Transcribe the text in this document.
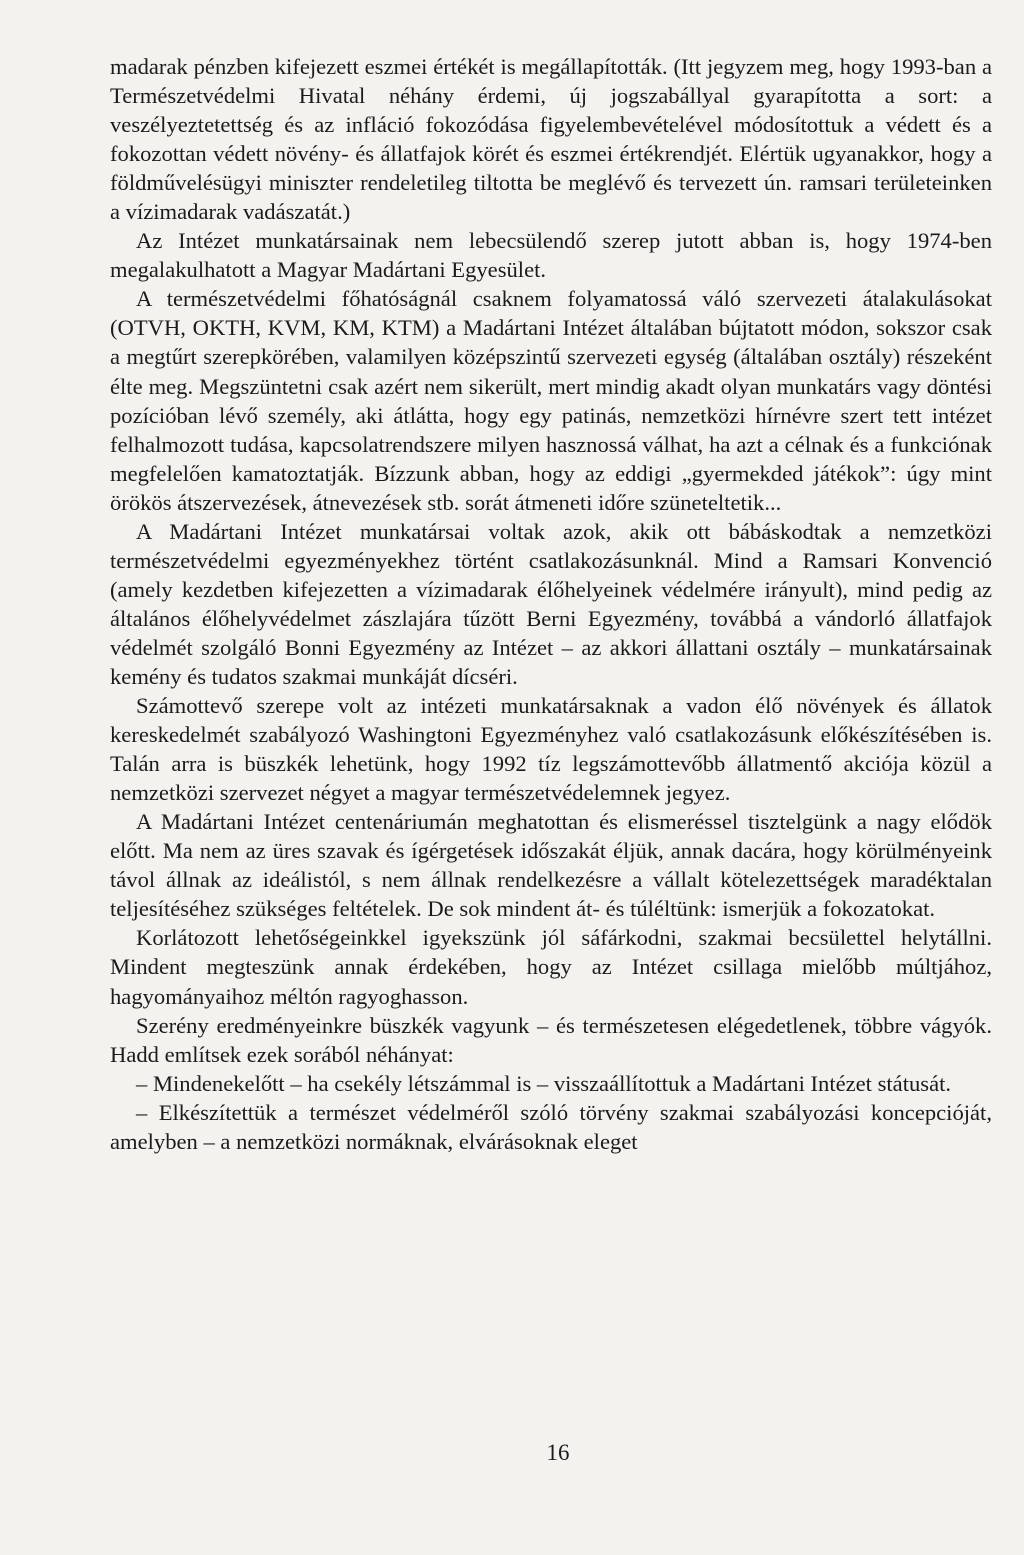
madarak pénzben kifejezett eszmei értékét is megállapították. (Itt jegyzem meg, hogy 1993-ban a Természetvédelmi Hivatal néhány érdemi, új jogszabállyal gyarapította a sort: a veszélyeztetettség és az infláció fokozódása figyelembevételével módosítottuk a védett és a fokozottan védett növény- és állatfajok körét és eszmei értékrendjét. Elértük ugyanakkor, hogy a földművelésügyi miniszter rendeletileg tiltotta be meglévő és tervezett ún. ramsari területeinken a vízimadarak vadászatát.)

Az Intézet munkatársainak nem lebecsülendő szerep jutott abban is, hogy 1974-ben megalakulhatott a Magyar Madártani Egyesület.

A természetvédelmi főhatóságnál csaknem folyamatossá váló szervezeti átalakulásokat (OTVH, OKTH, KVM, KM, KTM) a Madártani Intézet általában bújtatott módon, sokszor csak a megtűrt szerepkörében, valamilyen középszintű szervezeti egység (általában osztály) részeként élte meg. Megszüntetni csak azért nem sikerült, mert mindig akadt olyan munkatárs vagy döntési pozícióban lévő személy, aki átlátta, hogy egy patinás, nemzetközi hírnévre szert tett intézet felhalmozott tudása, kapcsolatrendszere milyen hasznossá válhat, ha azt a célnak és a funkciónak megfelelően kamatoztatják. Bízzunk abban, hogy az eddigi „gyermekded játékok”: úgy mint örökös átszervezések, átnevezések stb. sorát átmeneti időre szüneteltetik...

A Madártani Intézet munkatársai voltak azok, akik ott bábáskodtak a nemzetközi természetvédelmi egyezményekhez történt csatlakozásunknál. Mind a Ramsari Konvenció (amely kezdetben kifejezetten a vízimadarak élőhelyeinek védelmére irányult), mind pedig az általános élőhelyvédelmet zászlajára tűzött Berni Egyezmény, továbbá a vándorló állatfajok védelmét szolgáló Bonni Egyezmény az Intézet – az akkori állattani osztály – munkatársainak kemény és tudatos szakmai munkáját dícséri.

Számottevő szerepe volt az intézeti munkatársaknak a vadon élő növények és állatok kereskedelmét szabályozó Washingtoni Egyezményhez való csatlakozásunk előkészítésében is. Talán arra is büszkék lehetünk, hogy 1992 tíz legszámottevőbb állatmentő akciója közül a nemzetközi szervezet négyet a magyar természetvédelemnek jegyez.

A Madártani Intézet centenáriumán meghatottan és elismeréssel tisztelgünk a nagy elődök előtt. Ma nem az üres szavak és ígérgetések időszakát éljük, annak dacára, hogy körülményeink távol állnak az ideálistól, s nem állnak rendelkezésre a vállalt kötelezettségek maradéktalan teljesítéséhez szükséges feltételek. De sok mindent át- és túléltünk: ismerjük a fokozatokat.

Korlátozott lehetőségeinkkel igyekszünk jól sáfárkodni, szakmai becsülettel helytállni. Mindent megteszünk annak érdekében, hogy az Intézet csillaga mielőbb múltjához, hagyományaihoz méltón ragyoghasson.

Szerény eredményeinkre büszkék vagyunk – és természetesen elégedetlenek, többre vágyók. Hadd említsek ezek sorából néhányat:

– Mindenekelőtt – ha csekély létszámmal is – visszaállítottuk a Madártani Intézet státusát.

– Elkészítettük a természet védelméről szóló törvény szakmai szabályozási koncepcióját, amelyben – a nemzetközi normáknak, elvárásoknak eleget

16
